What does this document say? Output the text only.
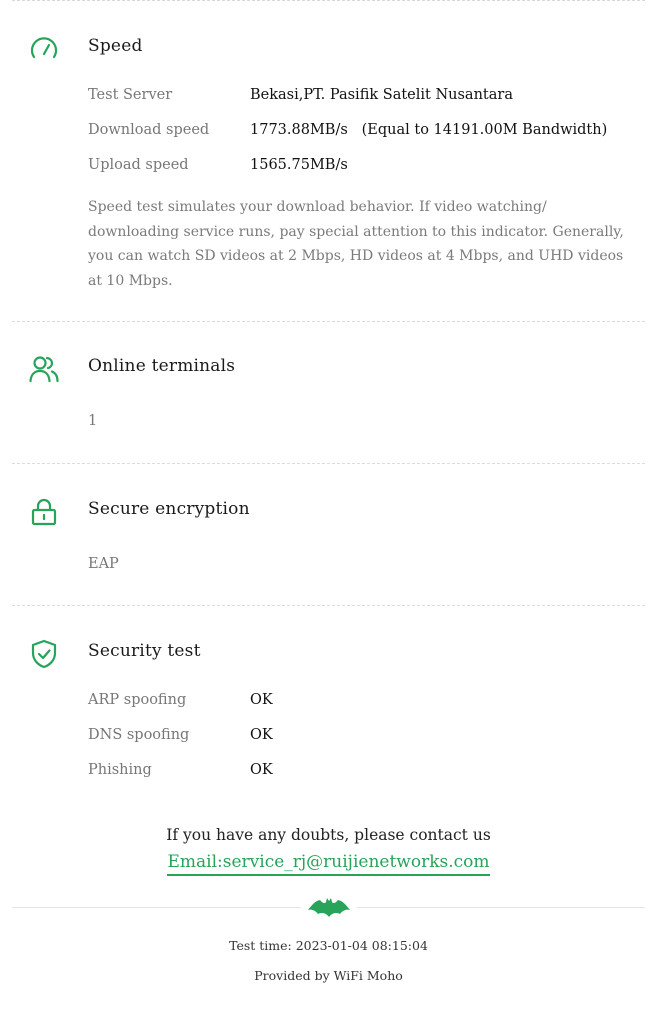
Speed
Test Server	Bekasi,PT. Pasifik Satelit Nusantara
Download speed	1773.88MB/s   (Equal to 14191.00M Bandwidth)
Upload speed	1565.75MB/s
Speed test simulates your download behavior. If video watching/ downloading service runs, pay special attention to this indicator. Generally, you can watch SD videos at 2 Mbps, HD videos at 4 Mbps, and UHD videos at 10 Mbps.
Online terminals
1
Secure encryption
EAP
Security test
ARP spoofing	OK
DNS spoofing	OK
Phishing	OK
If you have any doubts, please contact us
Email:service_rj@ruijienetworks.com
Test time: 2023-01-04 08:15:04
Provided by WiFi Moho
